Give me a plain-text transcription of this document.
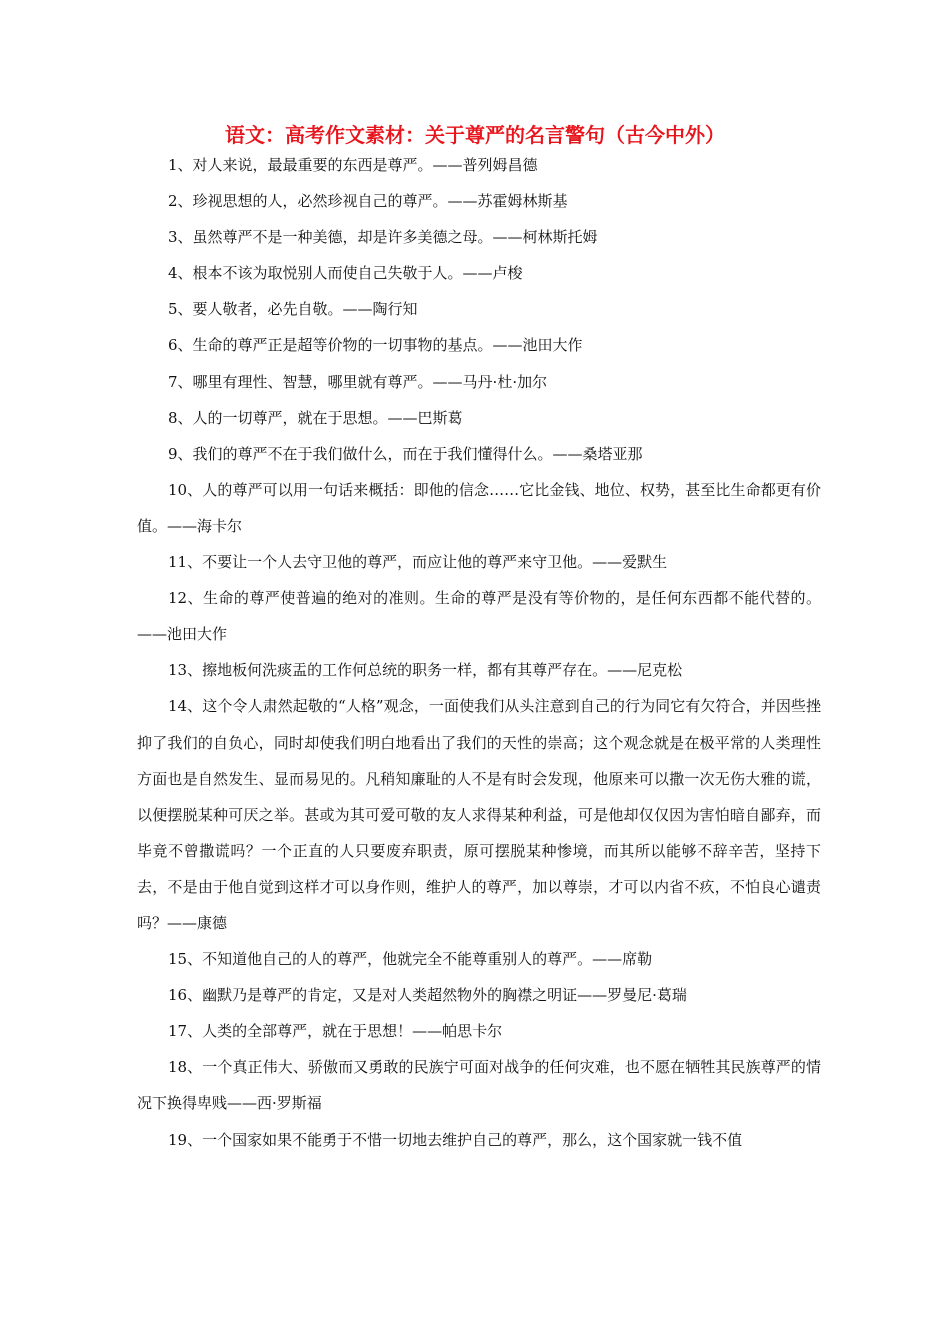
语文：高考作文素材：关于尊严的名言警句（古今中外）

1、对人来说，最最重要的东西是尊严。——普列姆昌德

2、珍视思想的人，必然珍视自己的尊严。——苏霍姆林斯基

3、虽然尊严不是一种美德，却是许多美德之母。——柯林斯托姆

4、根本不该为取悦别人而使自己失敬于人。——卢梭

5、要人敬者，必先自敬。——陶行知

6、生命的尊严正是超等价物的一切事物的基点。——池田大作

7、哪里有理性、智慧，哪里就有尊严。——马丹·杜·加尔

8、人的一切尊严，就在于思想。——巴斯葛

9、我们的尊严不在于我们做什么，而在于我们懂得什么。——桑塔亚那

10、人的尊严可以用一句话来概括：即他的信念……它比金钱、地位、权势，甚至比生命都更有价值。——海卡尔

11、不要让一个人去守卫他的尊严，而应让他的尊严来守卫他。——爱默生

12、生命的尊严使普遍的绝对的准则。生命的尊严是没有等价物的，是任何东西都不能代替的。——池田大作

13、擦地板何洗痰盂的工作何总统的职务一样，都有其尊严存在。——尼克松

14、这个令人肃然起敬的“人格”观念，一面使我们从头注意到自己的行为同它有欠符合，并因些挫抑了我们的自负心，同时却使我们明白地看出了我们的天性的崇高；这个观念就是在极平常的人类理性方面也是自然发生、显而易见的。凡稍知廉耻的人不是有时会发现，他原来可以撒一次无伤大雅的谎，以便摆脱某种可厌之举。甚或为其可爱可敬的友人求得某种利益，可是他却仅仅因为害怕暗自鄙弃，而毕竟不曾撒谎吗？一个正直的人只要废弃职责，原可摆脱某种惨境，而其所以能够不辞辛苦，坚持下去，不是由于他自觉到这样才可以身作则，维护人的尊严，加以尊崇，才可以内省不疚，不怕良心谴责吗？——康德

15、不知道他自己的人的尊严，他就完全不能尊重别人的尊严。——席勒

16、幽默乃是尊严的肯定，又是对人类超然物外的胸襟之明证——罗曼尼·葛瑞

17、人类的全部尊严，就在于思想！——帕思卡尔

18、一个真正伟大、骄傲而又勇敢的民族宁可面对战争的任何灾难，也不愿在牺牲其民族尊严的情况下换得卑贱——西·罗斯福

19、一个国家如果不能勇于不惜一切地去维护自己的尊严，那么，这个国家就一钱不值
